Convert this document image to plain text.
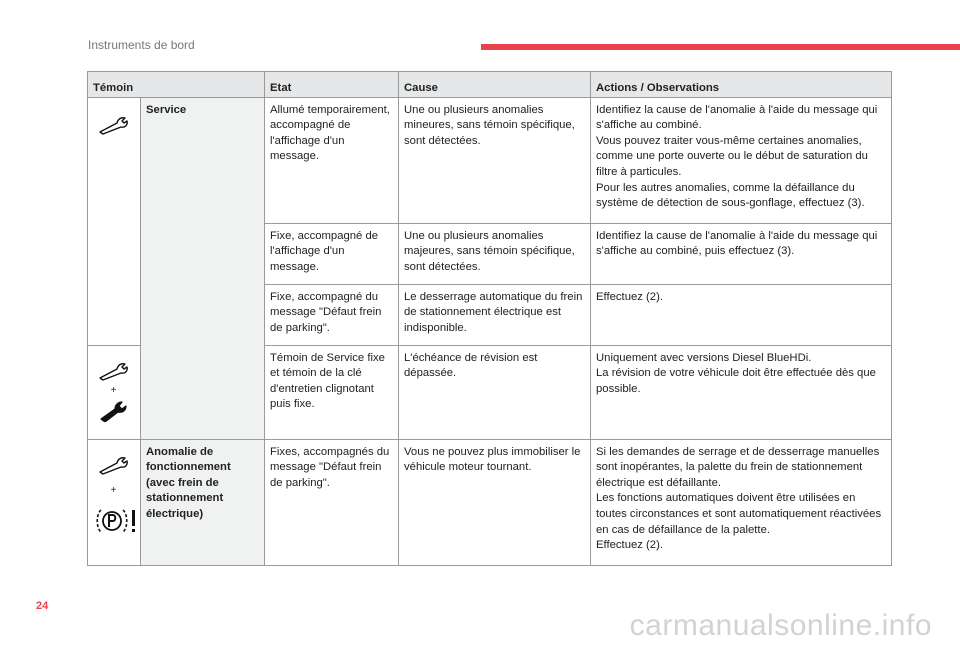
Instruments de bord
Témoin		Etat	Cause	Actions / Observations

	Service	Allumé temporairement, accompagné de l'affichage d'un message.	Une ou plusieurs anomalies mineures, sans témoin spécifique, sont détectées.	Identifiez la cause de l'anomalie à l'aide du message qui s'affiche au combiné.
Vous pouvez traiter vous-même certaines anomalies, comme une porte ouverte ou le début de saturation du filtre à particules.
Pour les autres anomalies, comme la défaillance du système de détection de sous-gonflage, effectuez (3).

		Fixe, accompagné de l'affichage d'un message.	Une ou plusieurs anomalies majeures, sans témoin spécifique, sont détectées.	Identifiez la cause de l'anomalie à l'aide du message qui s'affiche au combiné, puis effectuez (3).

		Fixe, accompagné du message "Défaut frein de parking".	Le desserrage automatique du frein de stationnement électrique est indisponible.	Effectuez (2).

+		Témoin de Service fixe et témoin de la clé d'entretien clignotant puis fixe.	L'échéance de révision est dépassée.	Uniquement avec versions Diesel BlueHDi.
La révision de votre véhicule doit être effectuée dès que possible.

+	Anomalie de fonctionnement (avec frein de stationnement électrique)	Fixes, accompagnés du message "Défaut frein de parking".	Vous ne pouvez plus immobiliser le véhicule moteur tournant.	Si les demandes de serrage et de desserrage manuelles sont inopérantes, la palette du frein de stationnement électrique est défaillante.
Les fonctions automatiques doivent être utilisées en toutes circonstances et sont automatiquement réactivées en cas de défaillance de la palette.
Effectuez (2).
24
carmanualsonline.info
